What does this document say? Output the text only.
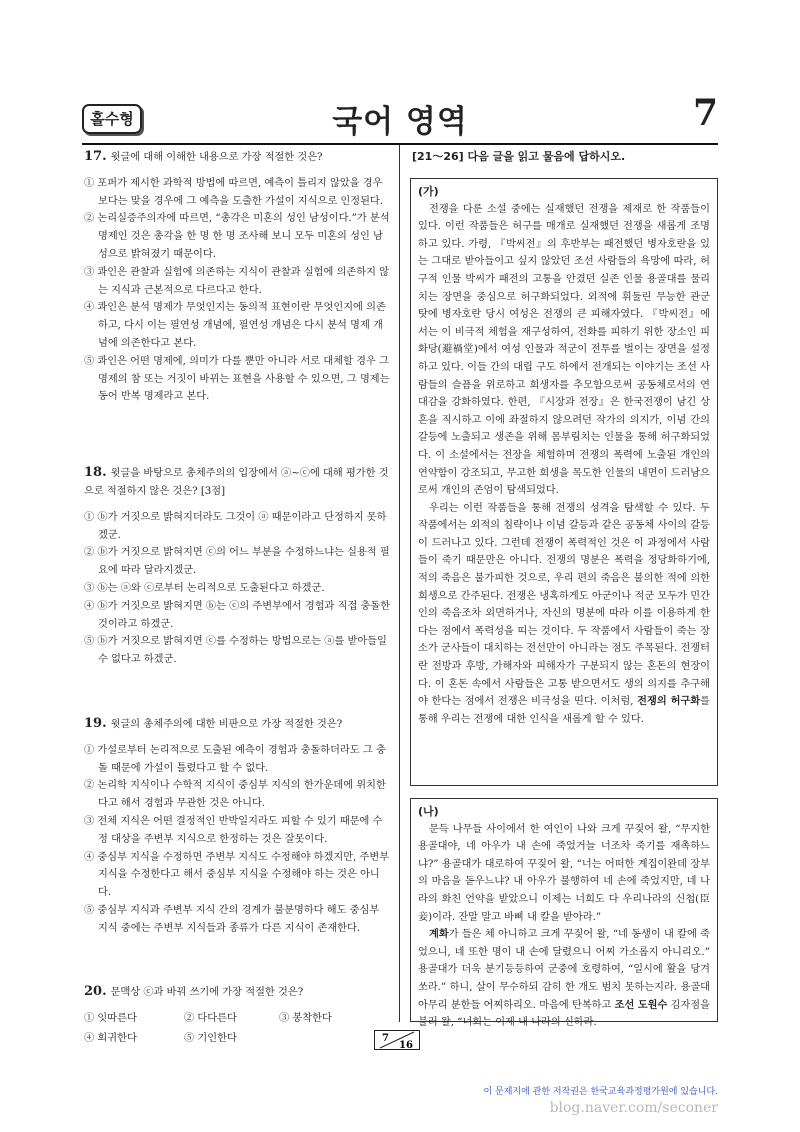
홀수형	국어 영역	7

17. 윗글에 대해 이해한 내용으로 가장 적절한 것은?

① 포퍼가 제시한 과학적 방법에 따르면, 예측이 틀리지 않았을 경우보다는 맞을 경우에 그 예측을 도출한 가설이 지식으로 인정된다.

② 논리실증주의자에 따르면, “총각은 미혼의 성인 남성이다.”가 분석 명제인 것은 총각을 한 명 한 명 조사해 보니 모두 미혼의 성인 남성으로 밝혀졌기 때문이다.

③ 콰인은 관찰과 실험에 의존하는 지식이 관찰과 실험에 의존하지 않는 지식과 근본적으로 다르다고 한다.

④ 콰인은 분석 명제가 무엇인지는 동의적 표현이란 무엇인지에 의존하고, 다시 이는 필연성 개념에, 필연성 개념은 다시 분석 명제 개념에 의존한다고 본다.

⑤ 콰인은 어떤 명제에, 의미가 다를 뿐만 아니라 서로 대체할 경우 그 명제의 참 또는 거짓이 바뀌는 표현을 사용할 수 있으면, 그 명제는 동어 반복 명제라고 본다.

18. 윗글을 바탕으로 총체주의의 입장에서 ⓐ~ⓒ에 대해 평가한 것으로 적절하지 않은 것은? [3점]

① ⓑ가 거짓으로 밝혀지더라도 그것이 ⓐ 때문이라고 단정하지 못하겠군.

② ⓑ가 거짓으로 밝혀지면 ⓒ의 어느 부분을 수정하느냐는 실용적 필요에 따라 달라지겠군.

③ ⓑ는 ⓐ와 ⓒ로부터 논리적으로 도출된다고 하겠군.

④ ⓑ가 거짓으로 밝혀지면 ⓑ는 ⓒ의 주변부에서 경험과 직접 충돌한 것이라고 하겠군.

⑤ ⓑ가 거짓으로 밝혀지면 ⓒ를 수정하는 방법으로는 ⓐ를 받아들일 수 없다고 하겠군.

19. 윗글의 총체주의에 대한 비판으로 가장 적절한 것은?

① 가설로부터 논리적으로 도출된 예측이 경험과 충돌하더라도 그 충돌 때문에 가설이 틀렸다고 할 수 없다.

② 논리학 지식이나 수학적 지식이 중심부 지식의 한가운데에 위치한다고 해서 경험과 무관한 것은 아니다.

③ 전체 지식은 어떤 결정적인 반박일지라도 피할 수 있기 때문에 수정 대상을 주변부 지식으로 한정하는 것은 잘못이다.

④ 중심부 지식을 수정하면 주변부 지식도 수정해야 하겠지만, 주변부 지식을 수정한다고 해서 중심부 지식을 수정해야 하는 것은 아니다.

⑤ 중심부 지식과 주변부 지식 간의 경계가 불분명하다 해도 중심부 지식 중에는 주변부 지식들과 종류가 다른 지식이 존재한다.

20. 문맥상 ⓒ과 바꿔 쓰기에 가장 적절한 것은?

① 잇따른다	② 다다른다	③ 봉착한다
④ 회귀한다	⑤ 기인한다
[21～26] 다음 글을 읽고 물음에 답하시오.
(가)

전쟁을 다룬 소설 중에는 실재했던 전쟁을 제재로 한 작품들이 있다. 이런 작품들은 허구를 매개로 실재했던 전쟁을 새롭게 조명하고 있다. 가령, 『박씨전』의 후반부는 패전했던 병자호란을 있는 그대로 받아들이고 싶지 않았던 조선 사람들의 욕망에 따라, 허구적 인물 박씨가 패전의 고통을 안겼던 실존 인물 용골대를 물리치는 장면을 중심으로 허구화되었다. 외적에 휘둘린 무능한 관군 탓에 병자호란 당시 여성은 전쟁의 큰 피해자였다. 『박씨전』에서는 이 비극적 체험을 재구성하여, 전화를 피하기 위한 장소인 피화당(避禍堂)에서 여성 인물과 적군이 전투를 벌이는 장면을 설정하고 있다. 이들 간의 대립 구도 하에서 전개되는 이야기는 조선 사람들의 슬픔을 위로하고 희생자를 추모함으로써 공동체로서의 연대감을 강화하였다. 한편, 『시장과 전장』은 한국전쟁이 남긴 상흔을 직시하고 이에 좌절하지 않으려던 작가의 의지가, 이념 간의 갈등에 노출되고 생존을 위해 몸부림치는 인물을 통해 허구화되었다. 이 소설에서는 전장을 체험하며 전쟁의 폭력에 노출된 개인의 연약함이 강조되고, 무고한 희생을 목도한 인물의 내면이 드러남으로써 개인의 존엄이 탐색되었다.

우리는 이런 작품들을 통해 전쟁의 성격을 탐색할 수 있다. 두 작품에서는 외적의 침략이나 이념 갈등과 같은 공동체 사이의 갈등이 드러나고 있다. 그런데 전쟁이 폭력적인 것은 이 과정에서 사람들이 죽기 때문만은 아니다. 전쟁의 명분은 폭력을 정당화하기에, 적의 죽음은 불가피한 것으로, 우리 편의 죽음은 불의한 적에 의한 희생으로 간주된다. 전쟁은 냉혹하게도 아군이나 적군 모두가 민간인의 죽음조차 외면하거나, 자신의 명분에 따라 이를 이용하게 한다는 점에서 폭력성을 띠는 것이다. 두 작품에서 사람들이 죽는 장소가 군사들이 대치하는 전선만이 아니라는 점도 주목된다. 전쟁터란 전방과 후방, 가해자와 피해자가 구분되지 않는 혼돈의 현장이다. 이 혼돈 속에서 사람들은 고통 받으면서도 생의 의지를 추구해야 한다는 점에서 전쟁은 비극성을 띤다. 이처럼, 전쟁의 허구화를 통해 우리는 전쟁에 대한 인식을 새롭게 할 수 있다.

(나)

문득 나무들 사이에서 한 여인이 나와 크게 꾸짖어 왈, “무지한 용골대야, 네 아우가 내 손에 죽었거늘 너조차 죽기를 재촉하느냐?” 용골대가 대로하여 꾸짖어 왈, “너는 어떠한 계집이완데 장부의 마음을 돋우느냐? 내 아우가 불행하여 네 손에 죽었지만, 네 나라의 화친 언약을 받았으니 이제는 너희도 다 우리나라의 신첩(臣妾)이라. 잔말 말고 바삐 내 칼을 받아라.”

계화가 들은 체 아니하고 크게 꾸짖어 왈, “네 동생이 내 칼에 죽었으니, 네 또한 명이 내 손에 달렸으니 어찌 가소롭지 아니리오.” 용골대가 더욱 분기등등하여 군중에 호령하여, “일시에 활을 당겨 쏘라.” 하니, 살이 무수하되 감히 한 개도 범치 못하는지라. 용골대 아무리 분한들 어찌하리오. 마음에 탄복하고 조선 도원수 김자점을 불러 왈, “너희는 이제 내 나라의 신하라.

7
16
이 문제지에 관한 저작권은 한국교육과정평가원에 있습니다.
blog.naver.com/seconer
